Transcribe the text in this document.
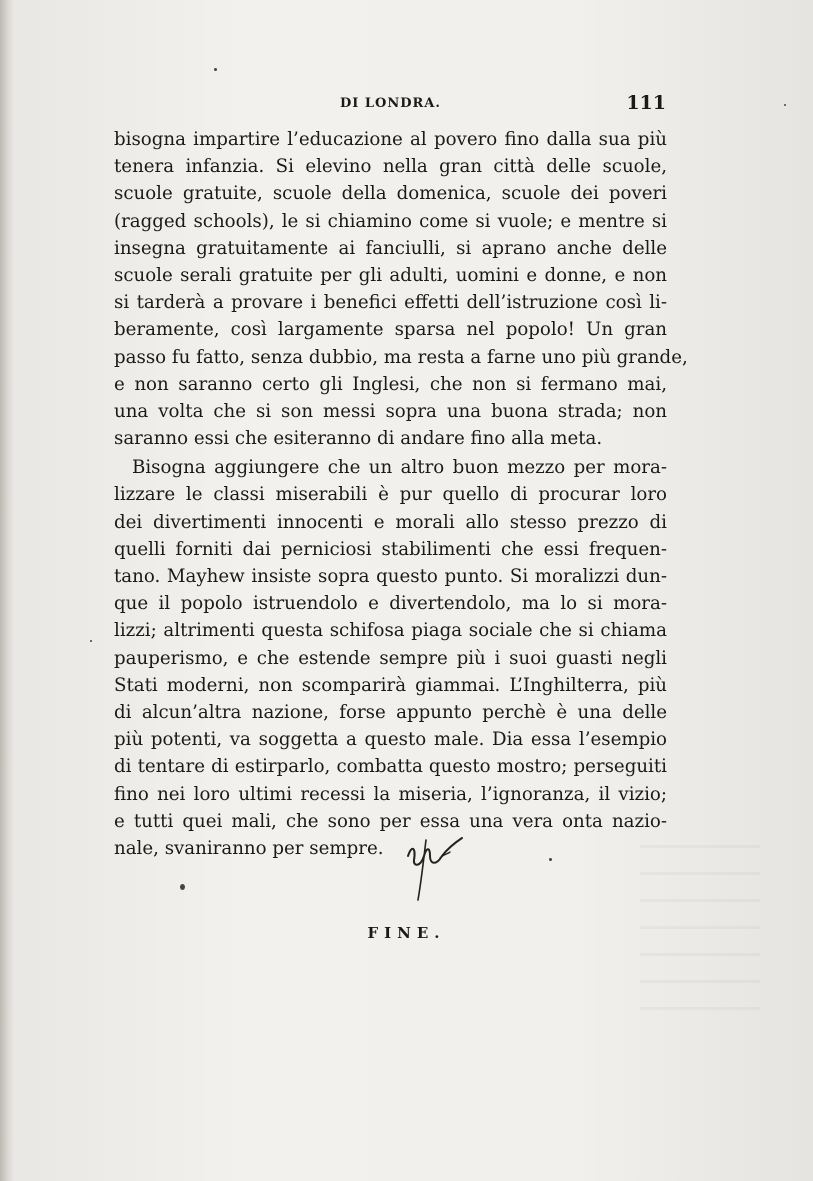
DI LONDRA.	111
bisogna impartire l’educazione al povero fino dalla sua più
tenera infanzia. Si elevino nella gran città delle scuole,
scuole gratuite, scuole della domenica, scuole dei poveri
(ragged schools), le si chiamino come si vuole; e mentre si
insegna gratuitamente ai fanciulli, si aprano anche delle
scuole serali gratuite per gli adulti, uomini e donne, e non
si tarderà a provare i benefici effetti dell’istruzione così li-
beramente, così largamente sparsa nel popolo! Un gran
passo fu fatto, senza dubbio, ma resta a farne uno più grande,
e non saranno certo gli Inglesi, che non si fermano mai,
una volta che si son messi sopra una buona strada; non
saranno essi che esiteranno di andare fino alla meta.
Bisogna aggiungere che un altro buon mezzo per mora-
lizzare le classi miserabili è pur quello di procurar loro
dei divertimenti innocenti e morali allo stesso prezzo di
quelli forniti dai perniciosi stabilimenti che essi frequen-
tano. Mayhew insiste sopra questo punto. Si moralizzi dun-
que il popolo istruendolo e divertendolo, ma lo si mora-
lizzi; altrimenti questa schifosa piaga sociale che si chiama
pauperismo, e che estende sempre più i suoi guasti negli
Stati moderni, non scomparirà giammai. L’Inghilterra, più
di alcun’altra nazione, forse appunto perchè è una delle
più potenti, va soggetta a questo male. Dia essa l’esempio
di tentare di estirparlo, combatta questo mostro; perseguiti
fino nei loro ultimi recessi la miseria, l’ignoranza, il vizio;
e tutti quei mali, che sono per essa una vera onta nazio-
nale, svaniranno per sempre.
FINE.
